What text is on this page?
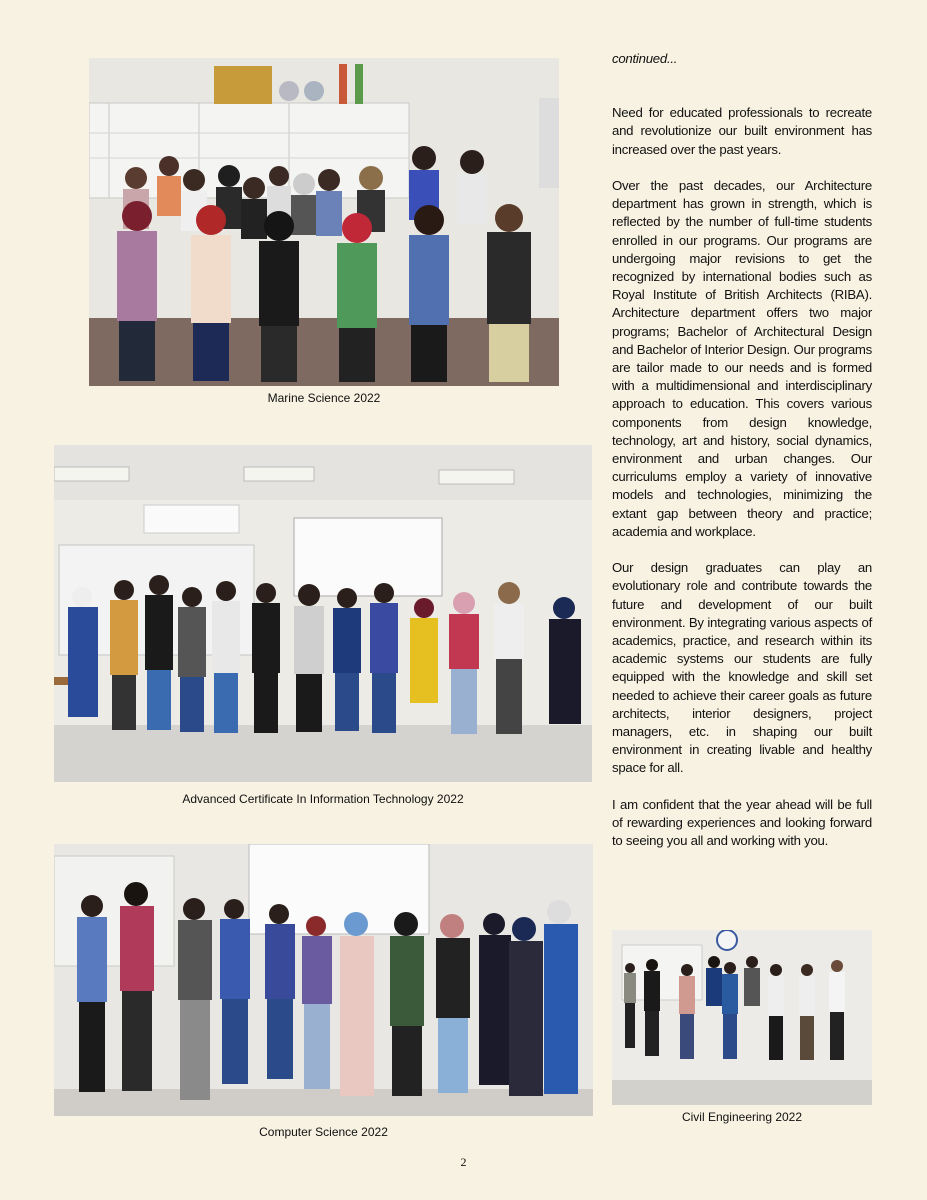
Marine Science 2022
Advanced Certificate In Information Technology 2022
Computer Science 2022
Civil Engineering 2022

continued...

Need for educated professionals to recreate and revolutionize our built environment has increased over the past years.

Over the past decades, our Architecture department has grown in strength, which is reflected by the number of full-time students enrolled in our programs. Our programs are undergoing major revisions to get the recognized by international bodies such as Royal Institute of British Architects (RIBA). Architecture department offers two major programs; Bachelor of Architectural Design and Bachelor of Interior Design. Our programs are tailor made to our needs and is formed with a multidimensional and interdisciplinary approach to education. This covers various components from design knowledge, technology, art and history, social dynamics, environment and urban changes. Our curriculums employ a variety of innovative models and technologies, minimizing the extant gap between theory and practice; academia and workplace.

Our design graduates can play an evolutionary role and contribute towards the future and development of our built environment. By integrating various aspects of academics, practice, and research within its academic systems our students are fully equipped with the knowledge and skill set needed to achieve their career goals as future architects, interior designers, project managers, etc. in shaping our built environment in creating livable and healthy space for all.

I am confident that the year ahead will be full of rewarding experiences and looking forward to seeing you all and working with you.

2
